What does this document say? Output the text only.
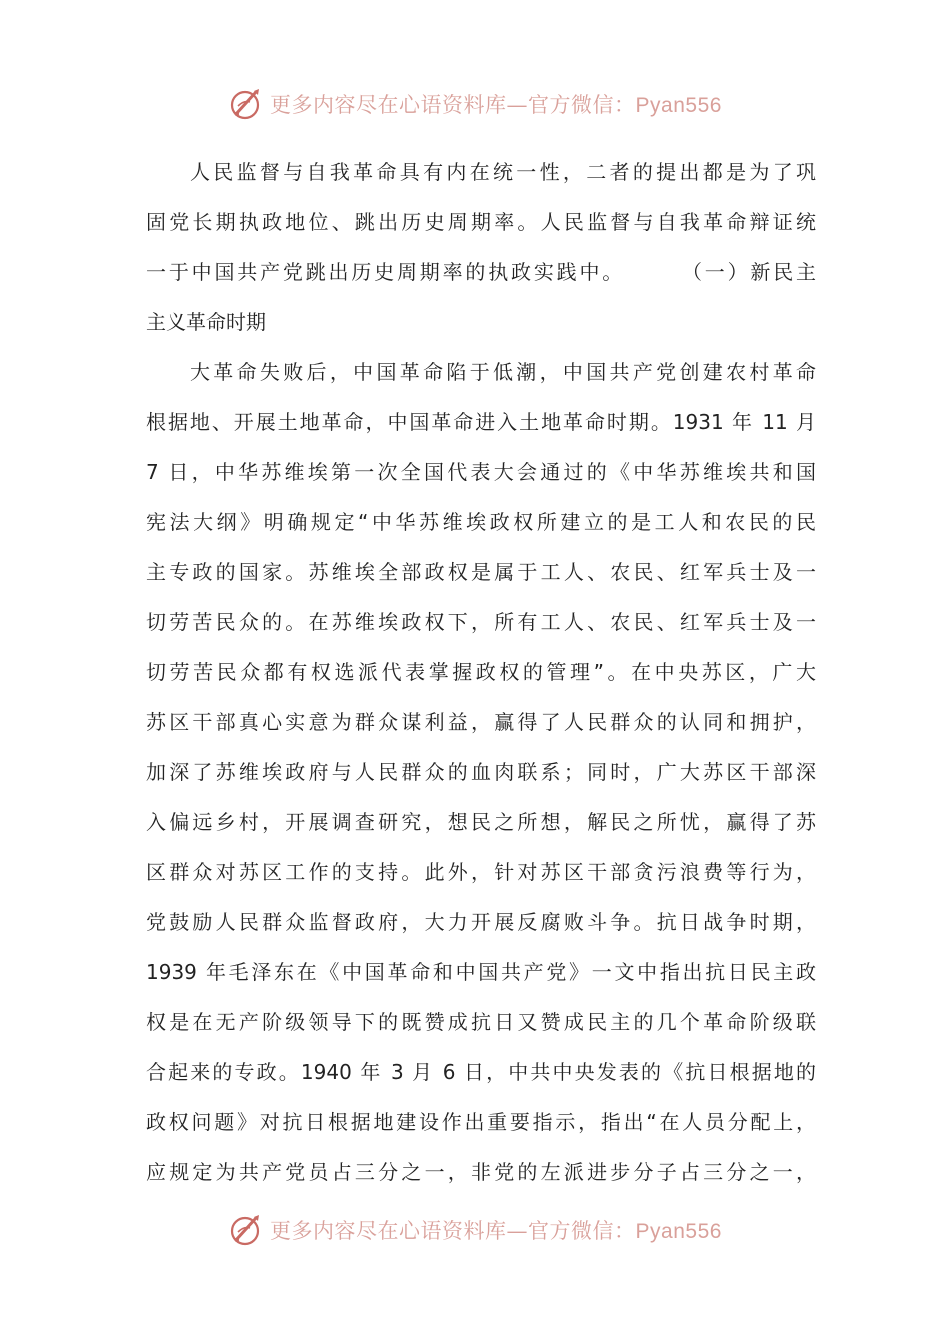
更多内容尽在心语资料库—官方微信：Pyan556
人民监督与自我革命具有内在统一性，二者的提出都是为了巩
固党长期执政地位、跳出历史周期率。人民监督与自我革命辩证统
一于中国共产党跳出历史周期率的执政实践中。	（一）新民主
主义革命时期
大革命失败后，中国革命陷于低潮，中国共产党创建农村革命
根据地、开展土地革命，中国革命进入土地革命时期。1931 年 11 月
7 日，中华苏维埃第一次全国代表大会通过的《中华苏维埃共和国
宪法大纲》明确规定“中华苏维埃政权所建立的是工人和农民的民
主专政的国家。苏维埃全部政权是属于工人、农民、红军兵士及一
切劳苦民众的。在苏维埃政权下，所有工人、农民、红军兵士及一
切劳苦民众都有权选派代表掌握政权的管理”。在中央苏区，广大
苏区干部真心实意为群众谋利益，赢得了人民群众的认同和拥护，
加深了苏维埃政府与人民群众的血肉联系；同时，广大苏区干部深
入偏远乡村，开展调查研究，想民之所想，解民之所忧，赢得了苏
区群众对苏区工作的支持。此外，针对苏区干部贪污浪费等行为，
党鼓励人民群众监督政府，大力开展反腐败斗争。抗日战争时期，
1939 年毛泽东在《中国革命和中国共产党》一文中指出抗日民主政
权是在无产阶级领导下的既赞成抗日又赞成民主的几个革命阶级联
合起来的专政。1940 年 3 月 6 日，中共中央发表的《抗日根据地的
政权问题》对抗日根据地建设作出重要指示，指出“在人员分配上，
应规定为共产党员占三分之一，非党的左派进步分子占三分之一，
更多内容尽在心语资料库—官方微信：Pyan556
